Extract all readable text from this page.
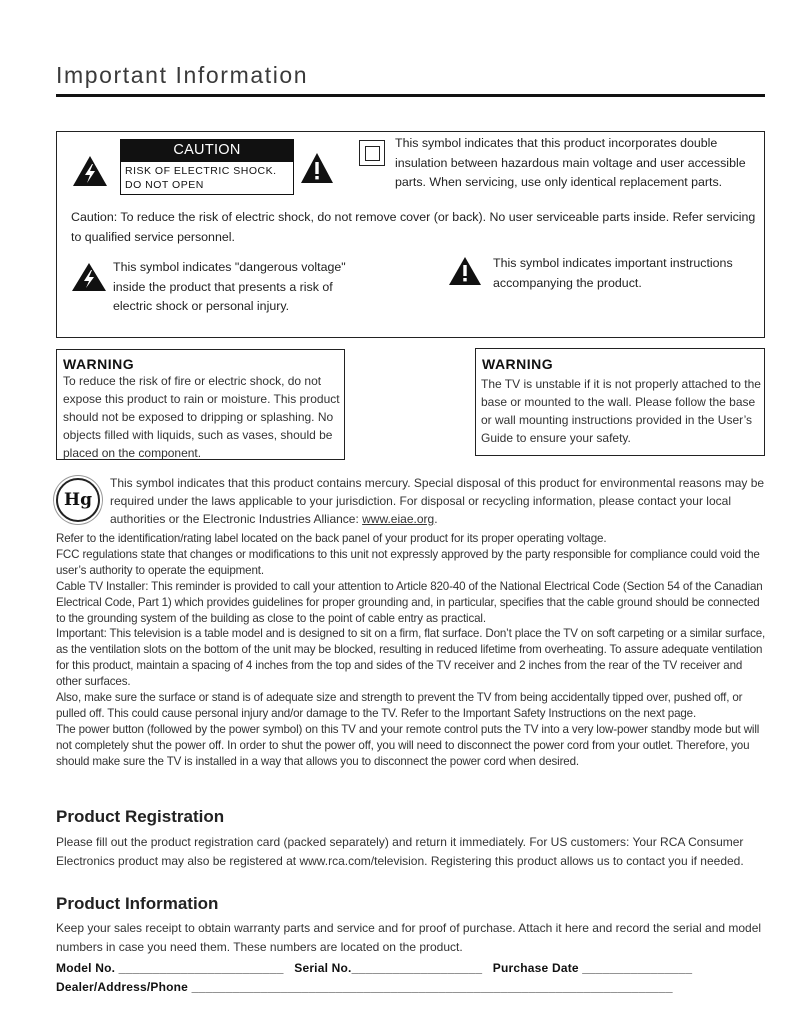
Important Information
CAUTION
RISK OF ELECTRIC SHOCK.
DO NOT OPEN
This symbol indicates that this product incorporates double insulation between hazardous main voltage and user accessible parts. When servicing, use only identical replacement parts.
Caution: To reduce the risk of electric shock, do not remove cover (or back). No user serviceable parts inside. Refer servicing to qualified service personnel.
This symbol indicates "dangerous voltage" inside the product that presents a risk of electric shock or personal injury.
This symbol indicates important instructions accompanying the product.
WARNING
To reduce the risk of fire or electric shock, do not expose this product to rain or moisture. This product should not be exposed to dripping or splashing. No objects filled with liquids, such as vases, should be placed on the component.
WARNING
The TV is unstable if it is not properly attached to the base or mounted to the wall. Please follow the base or wall mounting instructions provided in the User’s Guide to ensure your safety.
Hg
This symbol indicates that this product contains mercury. Special disposal of this product for environmental reasons may be required under the laws applicable to your jurisdiction. For disposal or recycling information, please contact your local authorities or the Electronic Industries Alliance: www.eiae.org.

Refer to the identification/rating label located on the back panel of your product for its proper operating voltage.

FCC regulations state that changes or modifications to this unit not expressly approved by the party responsible for compliance could void the user’s authority to operate the equipment.

Cable TV Installer: This reminder is provided to call your attention to Article 820-40 of the National Electrical Code (Section 54 of the Canadian Electrical Code, Part 1) which provides guidelines for proper grounding and, in particular, specifies that the cable ground should be connected to the grounding system of the building as close to the point of cable entry as practical.

Important: This television is a table model and is designed to sit on a firm, flat surface. Don’t place the TV on soft carpeting or a similar surface, as the ventilation slots on the bottom of the unit may be blocked, resulting in reduced lifetime from overheating. To assure adequate ventilation for this product, maintain a spacing of 4 inches from the top and sides of the TV receiver and 2 inches from the rear of the TV receiver and other surfaces.

Also, make sure the surface or stand is of adequate size and strength to prevent the TV from being accidentally tipped over, pushed off, or pulled off. This could cause personal injury and/or damage to the TV. Refer to the Important Safety Instructions on the next page.

The power button (followed by the power symbol) on this TV and your remote control puts the TV into a very low-power standby mode but will not completely shut the power off. In order to shut the power off, you will need to disconnect the power cord from your outlet. Therefore, you should make sure the TV is installed in a way that allows you to disconnect the power cord when desired.

Product Registration
Please fill out the product registration card (packed separately) and return it immediately. For US customers: Your RCA Consumer Electronics product may also be registered at www.rca.com/television. Registering this product allows us to contact you if needed.
Product Information
Keep your sales receipt to obtain warranty parts and service and for proof of purchase. Attach it here and record the serial and model numbers in case you need them. These numbers are located on the product.
Model No. ________________________   Serial No.___________________   Purchase Date ________________
Dealer/Address/Phone ______________________________________________________________________
